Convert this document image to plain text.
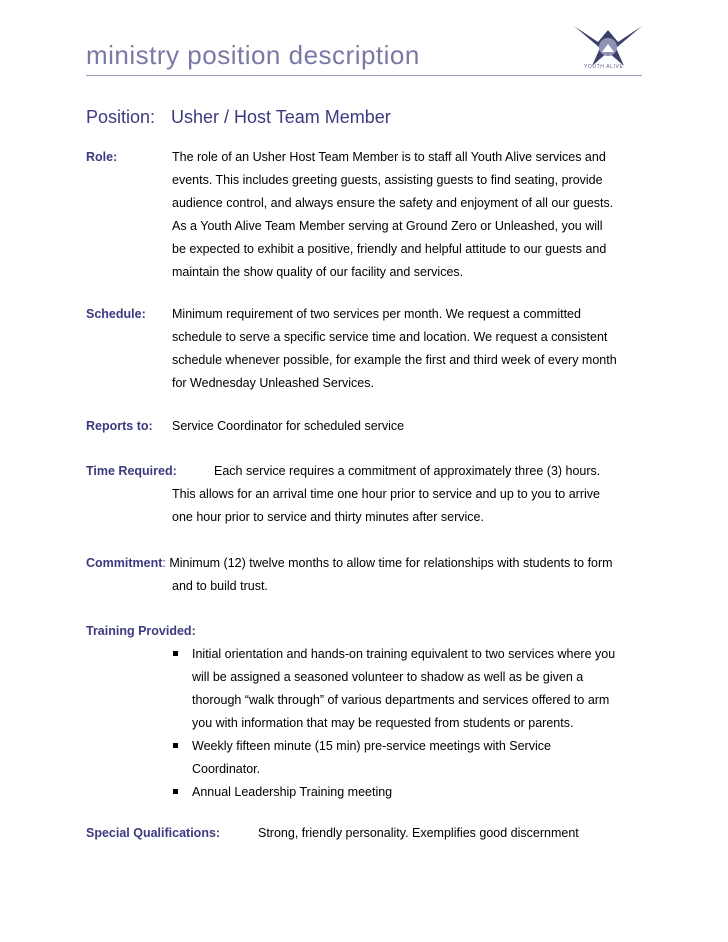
ministry position description	YOUTH ALIVE
Position: Usher / Host Team Member
Role:	The role of an Usher Host Team Member is to staff all Youth Alive services and
events. This includes greeting guests, assisting guests to find seating, provide
audience control, and always ensure the safety and enjoyment of all our guests.
As a Youth Alive Team Member serving at Ground Zero or Unleashed, you will
be expected to exhibit a positive, friendly and helpful attitude to our guests and
maintain the show quality of our facility and services.
Schedule: Minimum requirement of two services per month. We request a committed
schedule to serve a specific service time and location. We request a consistent
schedule whenever possible, for example the first and third week of every month
for Wednesday Unleashed Services.
Reports to: Service Coordinator for scheduled service
Time Required:	Each service requires a commitment of approximately three (3) hours.
This allows for an arrival time one hour prior to service and up to you to arrive
one hour prior to service and thirty minutes after service.
Commitment: Minimum (12) twelve months to allow time for relationships with students to form
and to build trust.
Training Provided:
Initial orientation and hands-on training equivalent to two services where you
will be assigned a seasoned volunteer to shadow as well as be given a
thorough “walk through” of various departments and services offered to arm
you with information that may be requested from students or parents.
Weekly fifteen minute (15 min) pre-service meetings with Service
Coordinator.
Annual Leadership Training meeting
Special Qualifications:	Strong, friendly personality. Exemplifies good discernment
